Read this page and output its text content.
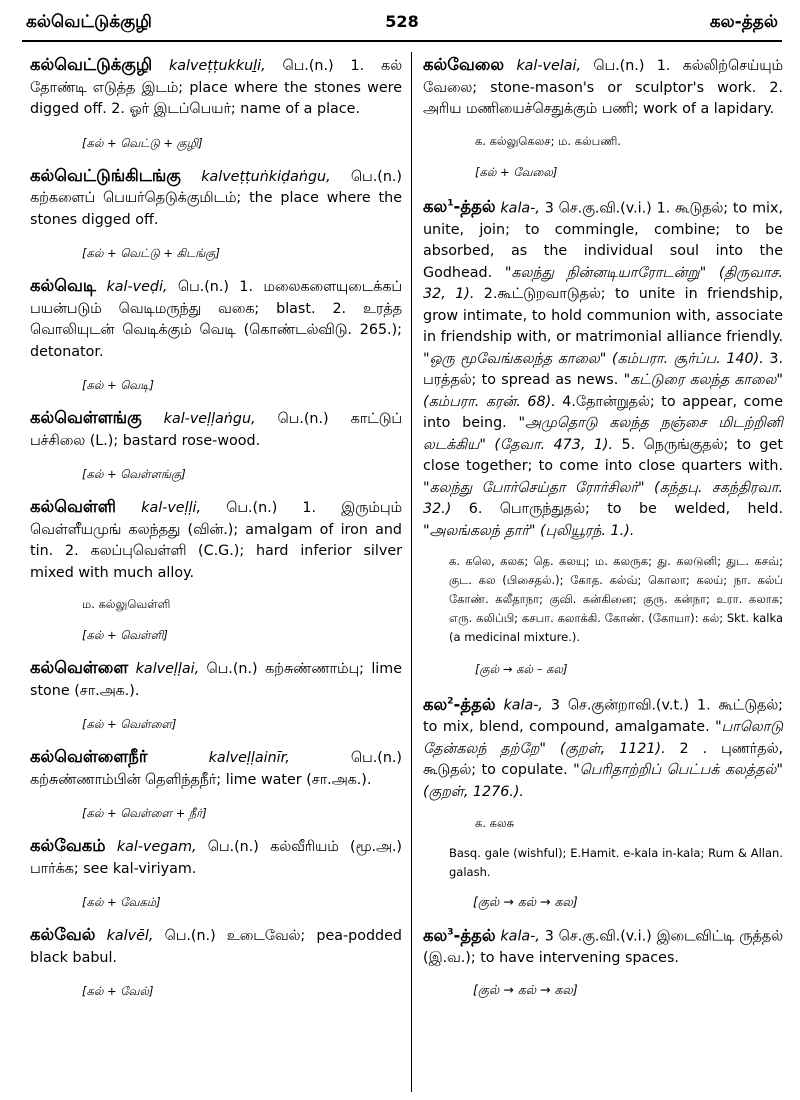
கல்வெட்டுக்குழி	528	கல-த்தல்

கல்வெட்டுக்குழி kalveṭṭukkuḻi, பெ.(n.) 1. கல் தோண்டி எடுத்த இடம்; place where the stones were digged off. 2. ஓர் இடப்பெயர்; name of a place.

[கல் + வெட்டு + குழி]

கல்வெட்டுங்கிடங்கு kalveṭṭuṅkiḍaṅgu, பெ.(n.) கற்களைப் பெயர்தெடுக்குமிடம்; the place where the stones digged off.

[கல் + வெட்டு + கிடங்கு]

கல்வெடி kal-veḍi, பெ.(n.) 1. மலைகளையுடைக்கப் பயன்படும் வெடிமருந்து வகை; blast. 2. உரத்த வொலியுடன் வெடிக்கும் வெடி (கொண்டல்விடு. 265.); detonator.

[கல் + வெடி]

கல்வெள்ளங்கு kal-veḷḷaṅgu, பெ.(n.) காட்டுப் பச்சிலை (L.); bastard rose-wood.

[கல் + வெள்ளங்கு]

கல்வெள்ளி kal-veḷḷi, பெ.(n.) 1. இரும்பும் வெள்ளீயமுங் கலந்தது (வின்.); amalgam of iron and tin. 2. கலப்புவெள்ளி (C.G.); hard inferior silver mixed with much alloy.

ம. கல்லுவெள்ளி
[கல் + வெள்ளி]

கல்வெள்ளை kalveḷḷai, பெ.(n.) கற்சுண்ணாம்பு; lime stone (சா.அக.).

[கல் + வெள்ளை]

கல்வெள்ளைநீர்	kalveḷḷainīr, பெ.(n.) கற்சுண்ணாம்பின் தெளிந்தநீர்; lime water (சா.அக.).

[கல் + வெள்ளை + நீர்]

கல்வேகம் kal-vegam, பெ.(n.) கல்வீரியம் (மூ.அ.) பார்க்க; see kal-viriyam.

[கல் + வேகம்]

கல்வேல் kalvēl, பெ.(n.) உடைவேல்; pea-podded black babul.

[கல் + வேல்]

கல்வேலை kal-velai, பெ.(n.) 1. கல்லிற்செய்யும் வேலை; stone-mason's or sculptor's work. 2. அரிய மணியைச்செதுக்கும் பணி; work of a lapidary.

க. கல்லுகெலச; ம. கல்பணி.
[கல் + வேலை]

கல$^1$-த்தல் kala-, 3 செ.கு.வி.(v.i.) 1. கூடுதல்; to mix, unite, join; to commingle, combine; to be absorbed, as the individual soul into the Godhead. "கலந்து நின்னடியாரோடன்று" (திருவாச. 32, 1). 2.கூட்டுறவாடுதல்; to unite in friendship, grow intimate, to hold communion with, associate in friendship with, or matrimonial alliance friendly. "ஒரு மூவேங்கலந்த காலை" (கம்பரா. சூர்ப்ப. 140). 3. பரத்தல்; to spread as news. "கட்டுரை கலந்த காலை" (கம்பரா. கரன். 68). 4.தோன்றுதல்; to appear, come into being. "அமுதொடு கலந்த நஞ்சை மிடற்றினி லடக்கிய" (தேவா. 473, 1). 5. நெருங்குதல்; to get close together; to come into close quarters with. "கலந்து போர்செய்தா ரோர்சிலர்" (கந்தபு. சகந்திரவா. 32.) 6. பொருந்துதல்; to be welded, held. "அலங்கலந் தார்" (புலியூரந். 1.).

க. கலெ, கலக; தெ. கலயு; ம. கலருக; து. கலடுனி; துட. கசவ்; குட. கல (பிசைதல்.); கோத. கல்வ்; கொலா; கலய்; நா. கல்ப் கோண். கலீதாநா; குவி. கன்கினை; குரு. கன்நா; உரா. கலாக; எரு. கலிப்பி; கசபா. கலாக்கி. கோண். (கோயா): கல்; Skt. kalka (a medicinal mixture.).
[குல் → கல் – கல]

கல$^2$-த்தல் kala-, 3 செ.குன்றாவி.(v.t.) 1. கூட்டுதல்; to mix, blend, compound, amalgamate. "பாலொடு தேன்கலந் தற்றே" (குறள், 1121). 2 . புணர்தல், கூடுதல்; to copulate. "பெரிதாற்றிப் பெட்பக் கலத்தல்" (குறள், 1276.).

க. கலசு
Basq. gale (wishful); E.Hamit. e-kala in-kala; Rum & Allan. galash.
[குல் → கல் → கல]

கல$^3$-த்தல் kala-, 3 செ.கு.வி.(v.i.) இடைவிட்டி ருத்தல் (இ.வ.); to have intervening spaces.

[குல் → கல் → கல]
